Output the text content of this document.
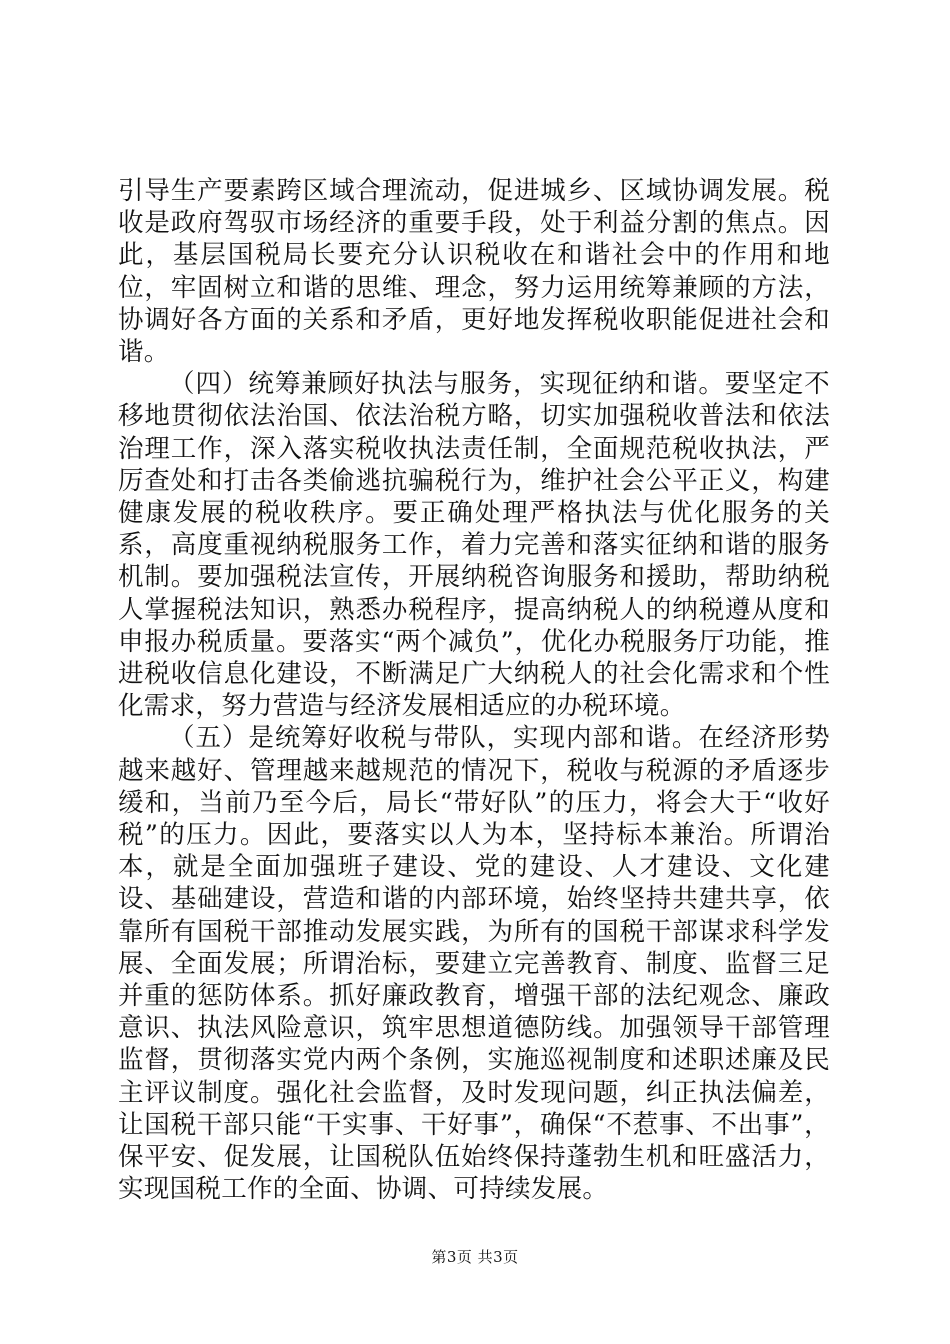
引导生产要素跨区域合理流动，促进城乡、区域协调发展。税收是政府驾驭市场经济的重要手段，处于利益分割的焦点。因此，基层国税局长要充分认识税收在和谐社会中的作用和地位，牢固树立和谐的思维、理念，努力运用统筹兼顾的方法，协调好各方面的关系和矛盾，更好地发挥税收职能促进社会和谐。

（四）统筹兼顾好执法与服务，实现征纳和谐。要坚定不移地贯彻依法治国、依法治税方略，切实加强税收普法和依法治理工作，深入落实税收执法责任制，全面规范税收执法，严厉查处和打击各类偷逃抗骗税行为，维护社会公平正义，构建健康发展的税收秩序。要正确处理严格执法与优化服务的关系，高度重视纳税服务工作，着力完善和落实征纳和谐的服务机制。要加强税法宣传，开展纳税咨询服务和援助，帮助纳税人掌握税法知识，熟悉办税程序，提高纳税人的纳税遵从度和申报办税质量。要落实“两个减负”，优化办税服务厅功能，推进税收信息化建设，不断满足广大纳税人的社会化需求和个性化需求，努力营造与经济发展相适应的办税环境。

（五）是统筹好收税与带队，实现内部和谐。在经济形势越来越好、管理越来越规范的情况下，税收与税源的矛盾逐步缓和，当前乃至今后，局长“带好队”的压力，将会大于“收好税”的压力。因此，要落实以人为本，坚持标本兼治。所谓治本，就是全面加强班子建设、党的建设、人才建设、文化建设、基础建设，营造和谐的内部环境，始终坚持共建共享，依靠所有国税干部推动发展实践，为所有的国税干部谋求科学发展、全面发展；所谓治标，要建立完善教育、制度、监督三足并重的惩防体系。抓好廉政教育，增强干部的法纪观念、廉政意识、执法风险意识，筑牢思想道德防线。加强领导干部管理监督，贯彻落实党内两个条例，实施巡视制度和述职述廉及民主评议制度。强化社会监督，及时发现问题，纠正执法偏差，让国税干部只能“干实事、干好事”，确保“不惹事、不出事”，保平安、促发展，让国税队伍始终保持蓬勃生机和旺盛活力，实现国税工作的全面、协调、可持续发展。

第3页 共3页
